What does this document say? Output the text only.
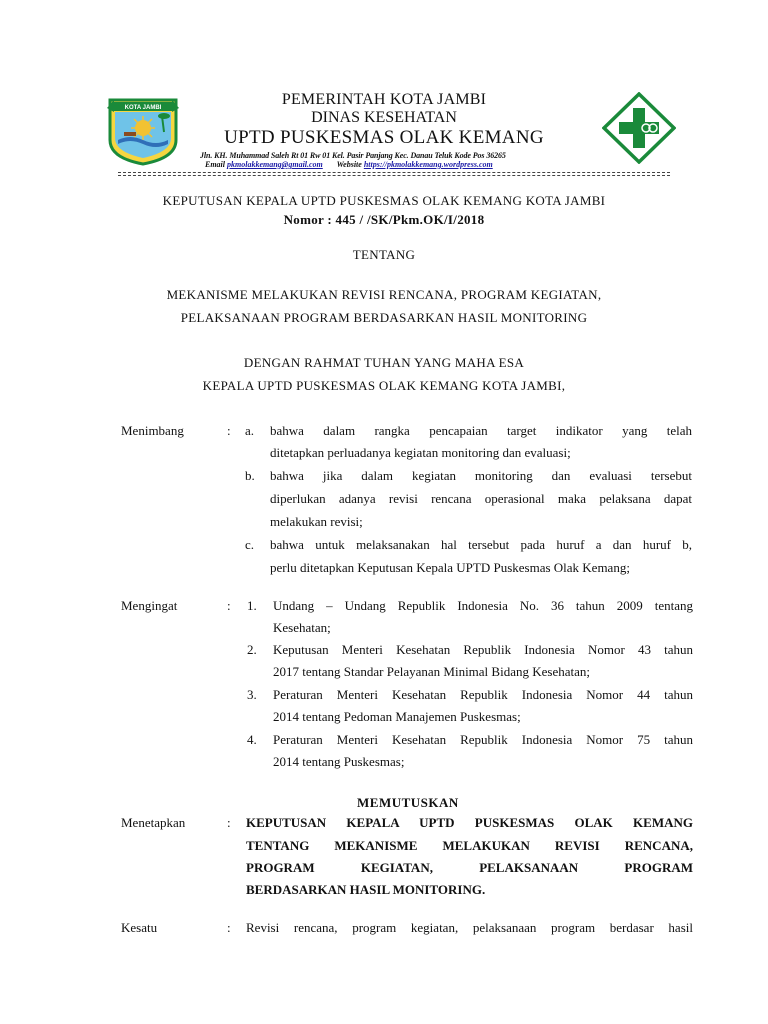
KOTA JAMBI	PEMERINTAH KOTA JAMBI
DINAS KESEHATAN
UPTD PUSKESMAS OLAK KEMANG
Jln. KH. Muhammad Saleh Rt 01 Rw 01 Kel. Pasir Panjang Kec. Danau Teluk Kode Pos 36265
Email pkmolakkemang@gmail.com Website https://pkmolakkemang.wordpress.com
KEPUTUSAN KEPALA UPTD PUSKESMAS OLAK KEMANG KOTA JAMBI
Nomor : 445 / /SK/Pkm.OK/I/2018
TENTANG
MEKANISME MELAKUKAN REVISI RENCANA, PROGRAM KEGIATAN,
PELAKSANAAN PROGRAM BERDASARKAN HASIL MONITORING
DENGAN RAHMAT TUHAN YANG MAHA ESA
KEPALA UPTD PUSKESMAS OLAK KEMANG KOTA JAMBI,
Menimbang	: a. bahwa dalam rangka pencapaian target indikator yang telah
ditetapkan perluadanya kegiatan monitoring dan evaluasi;
b. bahwa jika dalam kegiatan monitoring dan evaluasi tersebut
diperlukan adanya revisi rencana operasional maka pelaksana dapat
melakukan revisi;
c. bahwa untuk melaksanakan hal tersebut pada huruf a dan huruf b,
perlu ditetapkan Keputusan Kepala UPTD Puskesmas Olak Kemang;
Mengingat	: 1. Undang – Undang Republik Indonesia No. 36 tahun 2009 tentang
Kesehatan;
2. Keputusan Menteri Kesehatan Republik Indonesia Nomor 43 tahun
2017 tentang Standar Pelayanan Minimal Bidang Kesehatan;
3. Peraturan Menteri Kesehatan Republik Indonesia Nomor 44 tahun
2014 tentang Pedoman Manajemen Puskesmas;
4. Peraturan Menteri Kesehatan Republik Indonesia Nomor 75 tahun
2014 tentang Puskesmas;
MEMUTUSKAN
Menetapkan	: KEPUTUSAN KEPALA UPTD PUSKESMAS OLAK KEMANG
TENTANG MEKANISME MELAKUKAN REVISI RENCANA,
PROGRAM KEGIATAN, PELAKSANAAN PROGRAM
BERDASARKAN HASIL MONITORING.
Kesatu	: Revisi rencana, program kegiatan, pelaksanaan program berdasar hasil
